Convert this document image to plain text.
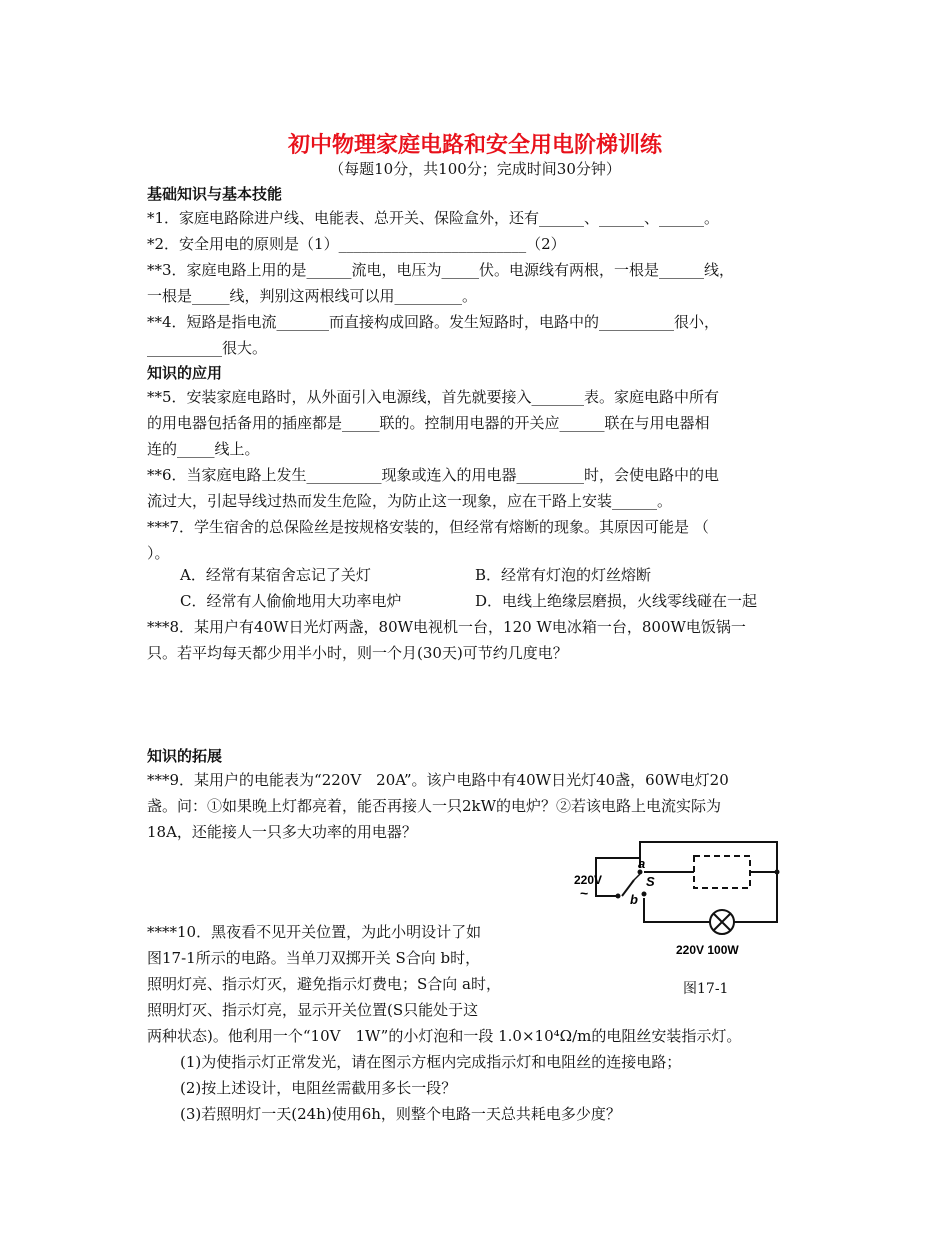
初中物理家庭电路和安全用电阶梯训练
（每题10分，共100分；完成时间30分钟）
基础知识与基本技能
*1．家庭电路除进户线、电能表、总开关、保险盒外，还有______、______、______。
*2．安全用电的原则是（1）_________________________（2）
**3．家庭电路上用的是______流电，电压为_____伏。电源线有两根，一根是______线，
一根是_____线，判别这两根线可以用_________。
**4．短路是指电流_______而直接构成回路。发生短路时，电路中的__________很小，
__________很大。
知识的应用
**5．安装家庭电路时，从外面引入电源线，首先就要接入_______表。家庭电路中所有
的用电器包括备用的插座都是_____联的。控制用电器的开关应______联在与用电器相
连的_____线上。
**6．当家庭电路上发生__________现象或连入的用电器_________时，会使电路中的电
流过大，引起导线过热而发生危险，为防止这一现象，应在干路上安装______。
***7．学生宿舍的总保险丝是按规格安装的，但经常有熔断的现象。其原因可能是 （
）。
A．经常有某宿舍忘记了关灯	B．经常有灯泡的灯丝熔断
C．经常有人偷偷地用大功率电炉	D．电线上绝缘层磨损，火线零线碰在一起
***8．某用户有40W日光灯两盏，80W电视机一台，120 W电冰箱一台，800W电饭锅一
只。若平均每天都少用半小时，则一个月(30天)可节约几度电？
知识的拓展
***9．某用户的电能表为“220V　20A”。该户电路中有40W日光灯40盏，60W电灯20
盏。问：①如果晚上灯都亮着，能否再接人一只2kW的电炉？②若该电路上电流实际为
18A，还能接人一只多大功率的用电器？
****10．黑夜看不见开关位置，为此小明设计了如
图17-1所示的电路。当单刀双掷开关 S合向 b时，
照明灯亮、指示灯灭，避免指示灯费电；S合向 a时，
照明灯灭、指示灯亮，显示开关位置(S只能处于这
两种状态)。他利用一个“10V　1W”的小灯泡和一段 1.0×10⁴Ω/m的电阻丝安装指示灯。
(1)为使指示灯正常发光，请在图示方框内完成指示灯和电阻丝的连接电路；
(2)按上述设计，电阻丝需截用多长一段？
(3)若照明灯一天(24h)使用6h，则整个电路一天总共耗电多少度？
220V
~
a
S
b
220V 100W
图17-1
